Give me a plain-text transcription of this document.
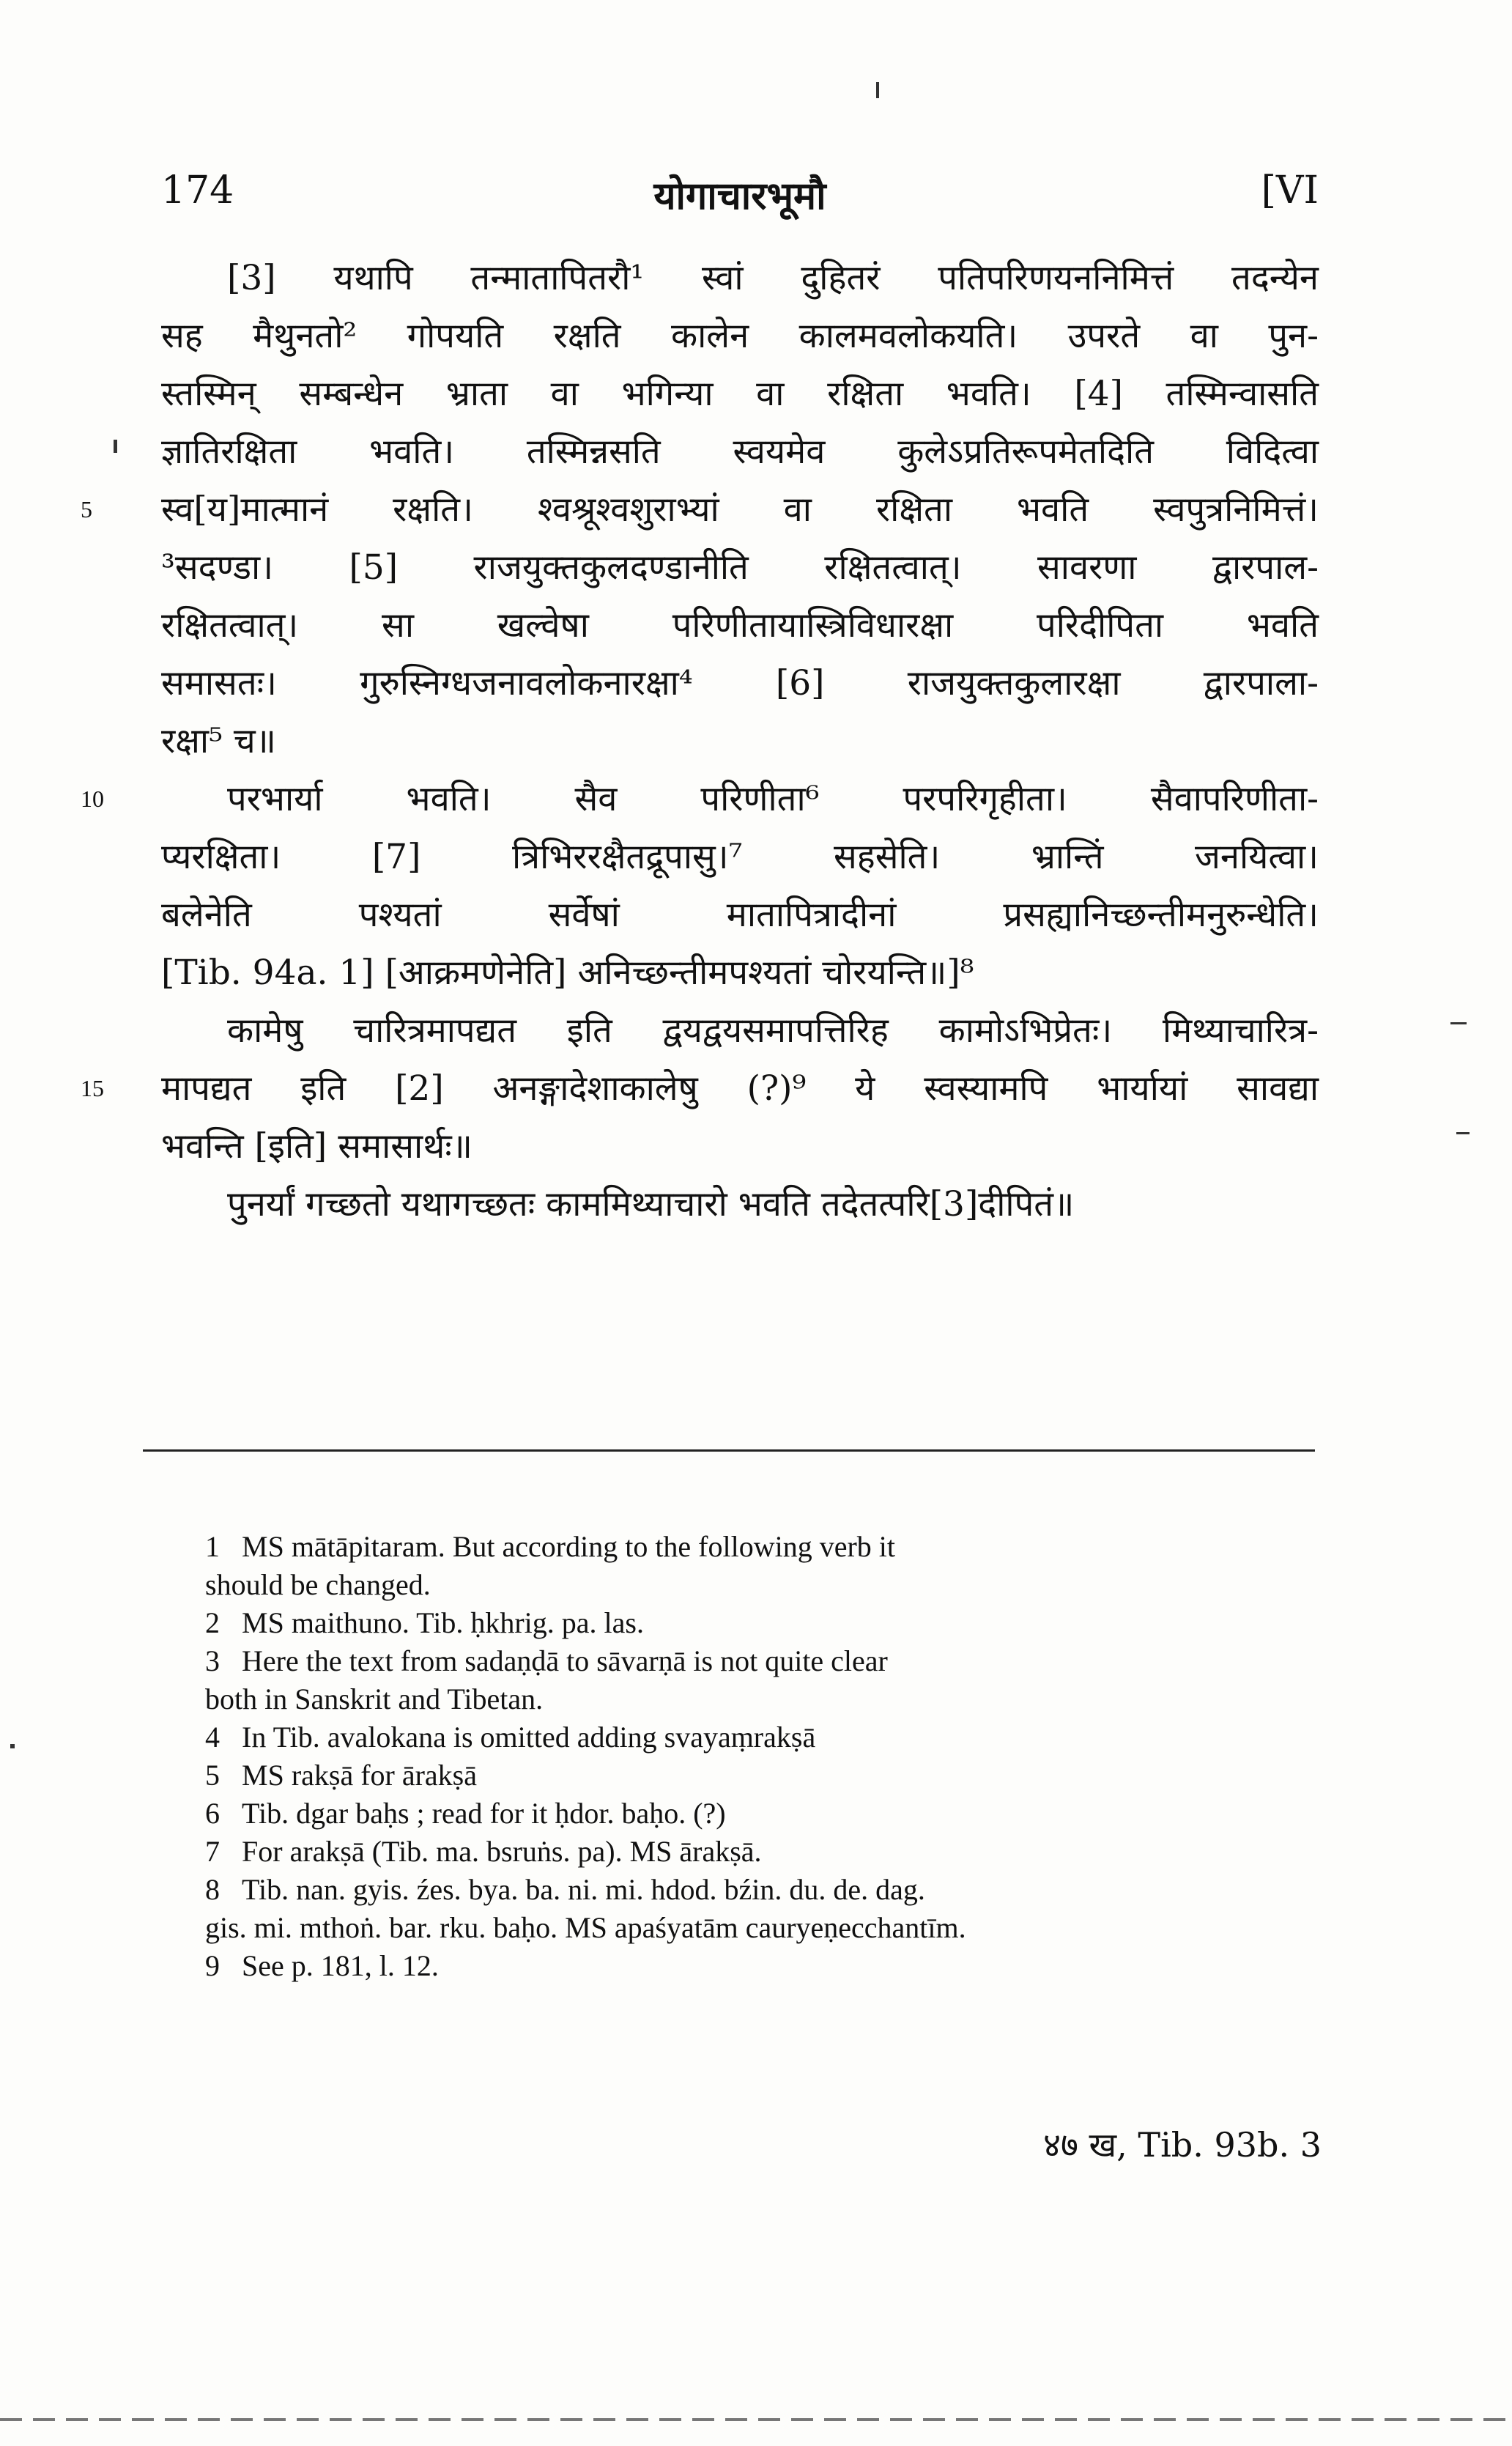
174	योगाचारभूमौ	[VI
[3] यथापि तन्मातापितरौ¹ स्वां दुहितरं पतिपरिणयननिमित्तं तदन्येन
सह मैथुनतो² गोपयति रक्षति कालेन कालमवलोकयति। उपरते वा पुन-
स्तस्मिन् सम्बन्धेन भ्राता वा भगिन्या वा रक्षिता भवति। [4] तस्मिन्वासति
ज्ञातिरक्षिता भवति। तस्मिन्नसति स्वयमेव कुलेऽप्रतिरूपमेतदिति विदित्वा
5 स्व[य]मात्मानं रक्षति। श्वश्रूश्वशुराभ्यां वा रक्षिता भवति स्वपुत्रनिमित्तं।
³सदण्डा। [5] राजयुक्तकुलदण्डानीति रक्षितत्वात्। सावरणा द्वारपाल-
रक्षितत्वात्। सा खल्वेषा परिणीतायास्त्रिविधारक्षा परिदीपिता भवति
समासतः। गुरुस्निग्धजनावलोकनारक्षा⁴ [6] राजयुक्तकुलारक्षा द्वारपाला-
रक्षा⁵ च॥
10	परभार्या भवति। सैव परिणीता⁶ परपरिगृहीता। सैवापरिणीता-
प्यरक्षिता। [7] त्रिभिररक्षैतद्रूपासु।⁷ सहसेति। भ्रान्तिं जनयित्वा।
बलेनेति पश्यतां सर्वेषां मातापित्रादीनां प्रसह्यानिच्छन्तीमनुरुन्धेति।
[Tib. 94a. 1] [आक्रमणेनेति] अनिच्छन्तीमपश्यतां चोरयन्ति॥]⁸
कामेषु चारित्रमापद्यत इति द्वयद्वयसमापत्तिरिह कामोऽभिप्रेतः। मिथ्याचारित्र-
15 मापद्यत इति [2] अनङ्गादेशाकालेषु (?)⁹ ये स्वस्यामपि भार्यायां सावद्या
भवन्ति [इति] समासार्थः॥
पुनर्यां गच्छतो यथागच्छतः काममिथ्याचारो भवति तदेतत्परि[3]दीपितं॥
1 MS mātāpitaram. But according to the following verb it
should be changed.
2 MS maithuno. Tib. ḥkhrig. pa. las.
3 Here the text from sadaṇḍā to sāvarṇā is not quite clear
both in Sanskrit and Tibetan.
4 In Tib. avalokana is omitted adding svayaṃrakṣā
5 MS rakṣā for ārakṣā
6 Tib. dgar baḥs ; read for it ḥdor. baḥo. (?)
7 For arakṣā (Tib. ma. bsruṅs. pa). MS ārakṣā.
8 Tib. nan. gyis. źes. bya. ba. ni. mi. hdod. bźin. du. de. dag.
gis. mi. mthoṅ. bar. rku. baḥo. MS apaśyatām cauryeṇecchantīm.
9 See p. 181, l. 12.
४७ ख, Tib. 93b. 3
